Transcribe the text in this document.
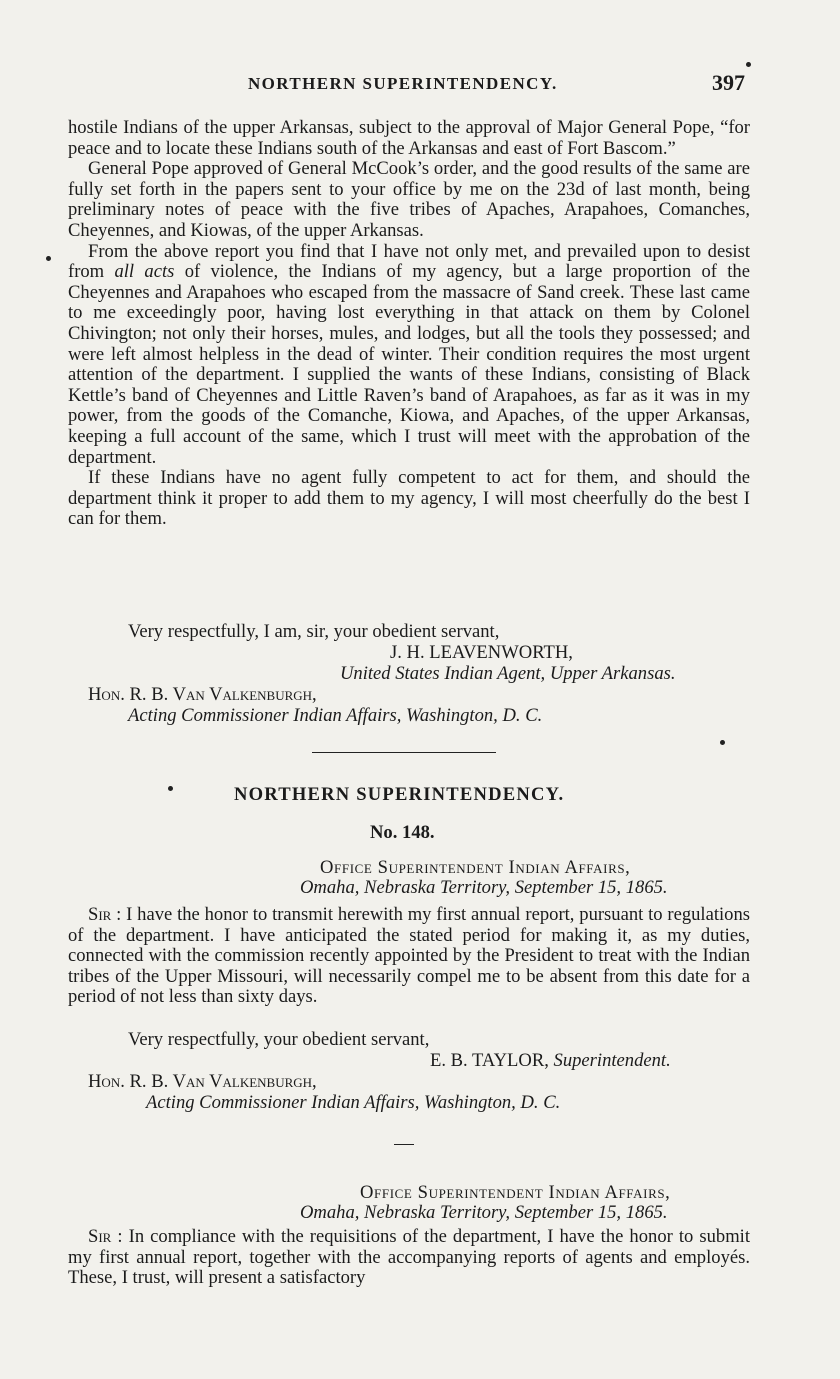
NORTHERN SUPERINTENDENCY.	397

hostile Indians of the upper Arkansas, subject to the approval of Major General Pope, “for peace and to locate these Indians south of the Arkansas and east of Fort Bascom.”

General Pope approved of General McCook’s order, and the good results of the same are fully set forth in the papers sent to your office by me on the 23d of last month, being preliminary notes of peace with the five tribes of Apaches, Arapahoes, Comanches, Cheyennes, and Kiowas, of the upper Arkansas.

From the above report you find that I have not only met, and prevailed upon to desist from all acts of violence, the Indians of my agency, but a large proportion of the Cheyennes and Arapahoes who escaped from the massacre of Sand creek. These last came to me exceedingly poor, having lost everything in that attack on them by Colonel Chivington; not only their horses, mules, and lodges, but all the tools they possessed; and were left almost helpless in the dead of winter. Their condition requires the most urgent attention of the department. I supplied the wants of these Indians, consisting of Black Kettle’s band of Cheyennes and Little Raven’s band of Arapahoes, as far as it was in my power, from the goods of the Comanche, Kiowa, and Apaches, of the upper Arkansas, keeping a full account of the same, which I trust will meet with the approbation of the department.

If these Indians have no agent fully competent to act for them, and should the department think it proper to add them to my agency, I will most cheerfully do the best I can for them.

Very respectfully, I am, sir, your obedient servant,
J. H. LEAVENWORTH,
United States Indian Agent, Upper Arkansas.
Hon. R. B. Van Valkenburgh,
Acting Commissioner Indian Affairs, Washington, D. C.
NORTHERN SUPERINTENDENCY.
No. 148.
Office Superintendent Indian Affairs,
Omaha, Nebraska Territory, September 15, 1865.

Sir : I have the honor to transmit herewith my first annual report, pursuant to regulations of the department. I have anticipated the stated period for making it, as my duties, connected with the commission recently appointed by the President to treat with the Indian tribes of the Upper Missouri, will necessarily compel me to be absent from this date for a period of not less than sixty days.

Very respectfully, your obedient servant,
E. B. TAYLOR, Superintendent.
Hon. R. B. Van Valkenburgh,
Acting Commissioner Indian Affairs, Washington, D. C.
Office Superintendent Indian Affairs,
Omaha, Nebraska Territory, September 15, 1865.

Sir : In compliance with the requisitions of the department, I have the honor to submit my first annual report, together with the accompanying reports of agents and employés. These, I trust, will present a satisfactory
